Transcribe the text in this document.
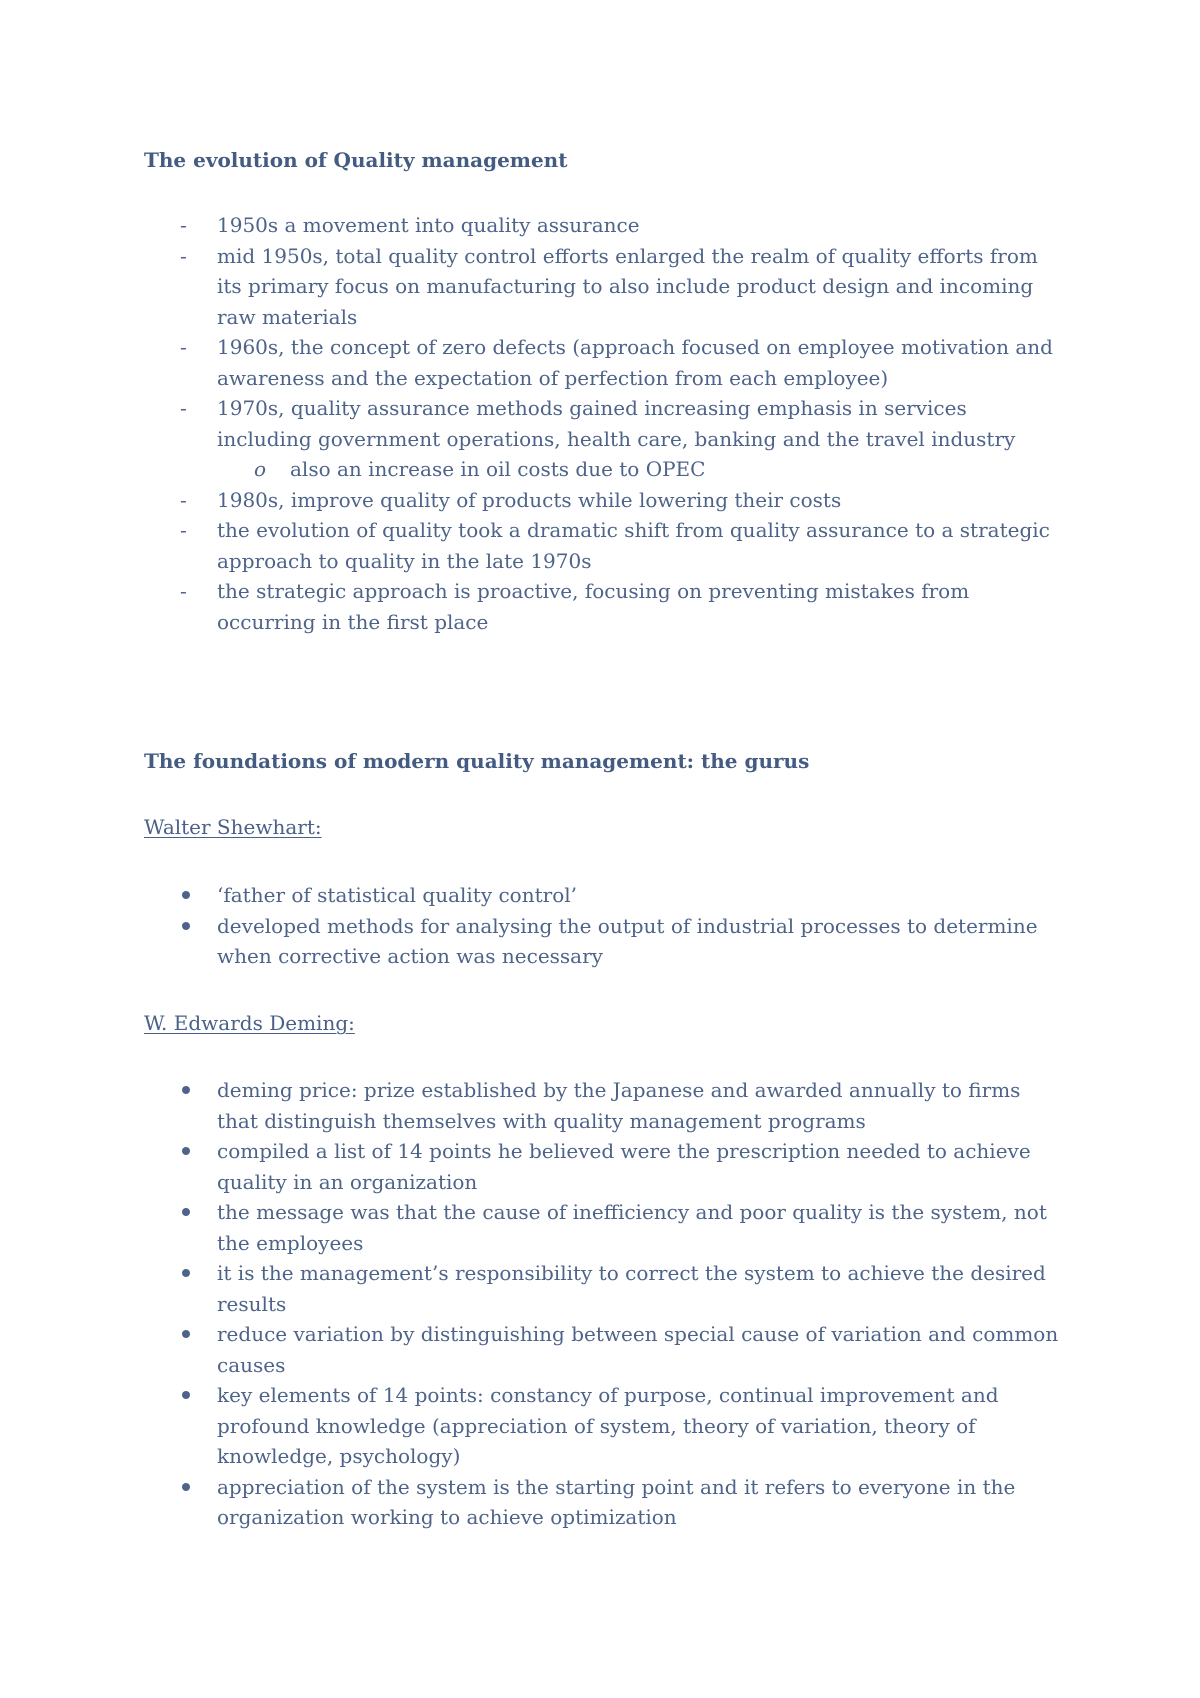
The evolution of Quality management
-	1950s a movement into quality assurance
-	mid 1950s, total quality control efforts enlarged the realm of quality efforts from its primary focus on manufacturing to also include product design and incoming raw materials
-	1960s, the concept of zero defects (approach focused on employee motivation and awareness and the expectation of perfection from each employee)
-	1970s, quality assurance methods gained increasing emphasis in services including government operations, health care, banking and the travel industry
o	also an increase in oil costs due to OPEC
-	1980s, improve quality of products while lowering their costs
-	the evolution of quality took a dramatic shift from quality assurance to a strategic approach to quality in the late 1970s
-	the strategic approach is proactive, focusing on preventing mistakes from occurring in the first place
The foundations of modern quality management: the gurus
Walter Shewhart:
‘father of statistical quality control’
developed methods for analysing the output of industrial processes to determine when corrective action was necessary
W. Edwards Deming:
deming price: prize established by the Japanese and awarded annually to firms that distinguish themselves with quality management programs
compiled a list of 14 points he believed were the prescription needed to achieve quality in an organization
the message was that the cause of inefficiency and poor quality is the system, not the employees
it is the management’s responsibility to correct the system to achieve the desired results
reduce variation by distinguishing between special cause of variation and common causes
key elements of 14 points: constancy of purpose, continual improvement and profound knowledge (appreciation of system, theory of variation, theory of knowledge, psychology)
appreciation of the system is the starting point and it refers to everyone in the organization working to achieve optimization
